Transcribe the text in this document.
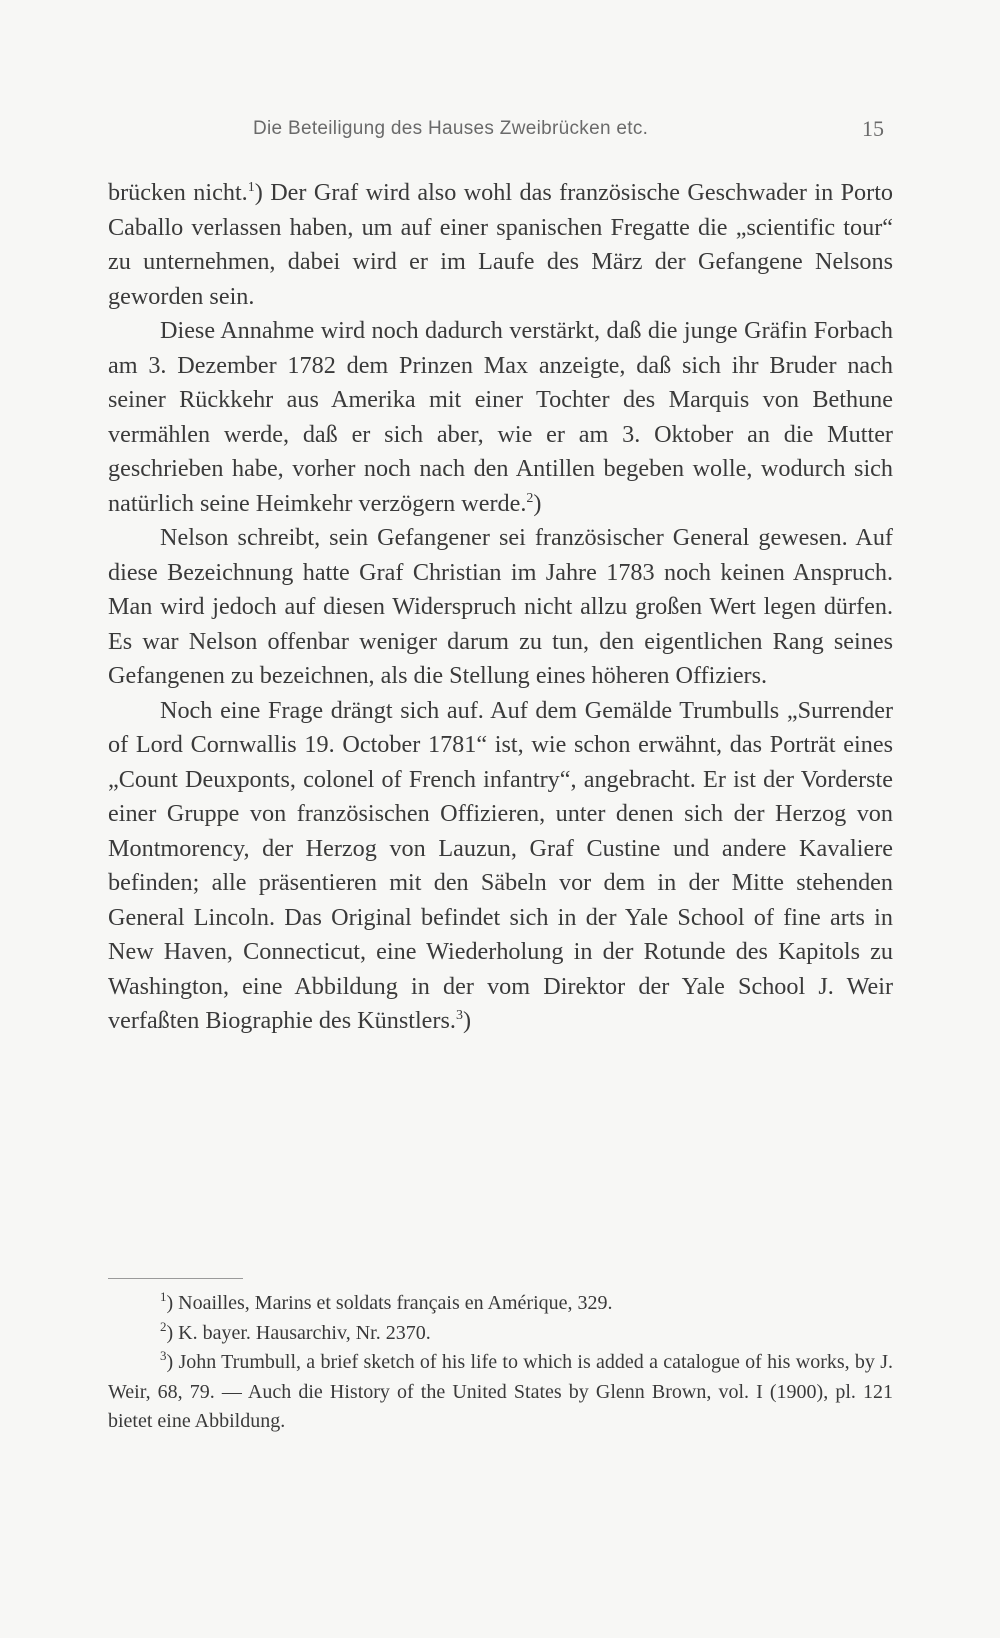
Die Beteiligung des Hauses Zweibrücken etc.	15

brücken nicht.$^1$) Der Graf wird also wohl das französische Geschwader in Porto Caballo verlassen haben, um auf einer spanischen Fregatte die „scientific tour“ zu unternehmen, dabei wird er im Laufe des März der Gefangene Nelsons geworden sein.

Diese Annahme wird noch dadurch verstärkt, daß die junge Gräfin Forbach am 3. Dezember 1782 dem Prinzen Max anzeigte, daß sich ihr Bruder nach seiner Rückkehr aus Amerika mit einer Tochter des Marquis von Bethune vermählen werde, daß er sich aber, wie er am 3. Oktober an die Mutter geschrieben habe, vorher noch nach den Antillen begeben wolle, wodurch sich natürlich seine Heimkehr verzögern werde.$^2$)

Nelson schreibt, sein Gefangener sei französischer General gewesen. Auf diese Bezeichnung hatte Graf Christian im Jahre 1783 noch keinen Anspruch. Man wird jedoch auf diesen Widerspruch nicht allzu großen Wert legen dürfen. Es war Nelson offenbar weniger darum zu tun, den eigentlichen Rang seines Gefangenen zu bezeichnen, als die Stellung eines höheren Offiziers.

Noch eine Frage drängt sich auf. Auf dem Gemälde Trumbulls „Surrender of Lord Cornwallis 19. October 1781“ ist, wie schon erwähnt, das Porträt eines „Count Deuxponts, colonel of French infantry“, angebracht. Er ist der Vorderste einer Gruppe von französischen Offizieren, unter denen sich der Herzog von Montmorency, der Herzog von Lauzun, Graf Custine und andere Kavaliere befinden; alle präsentieren mit den Säbeln vor dem in der Mitte stehenden General Lincoln. Das Original befindet sich in der Yale School of fine arts in New Haven, Connecticut, eine Wiederholung in der Rotunde des Kapitols zu Washington, eine Abbildung in der vom Direktor der Yale School J. Weir verfaßten Biographie des Künstlers.$^3$)

$^1$) Noailles, Marins et soldats français en Amérique, 329.

$^2$) K. bayer. Hausarchiv, Nr. 2370.

$^3$) John Trumbull, a brief sketch of his life to which is added a catalogue of his works, by J. Weir, 68, 79. — Auch die History of the United States by Glenn Brown, vol. I (1900), pl. 121 bietet eine Abbildung.
